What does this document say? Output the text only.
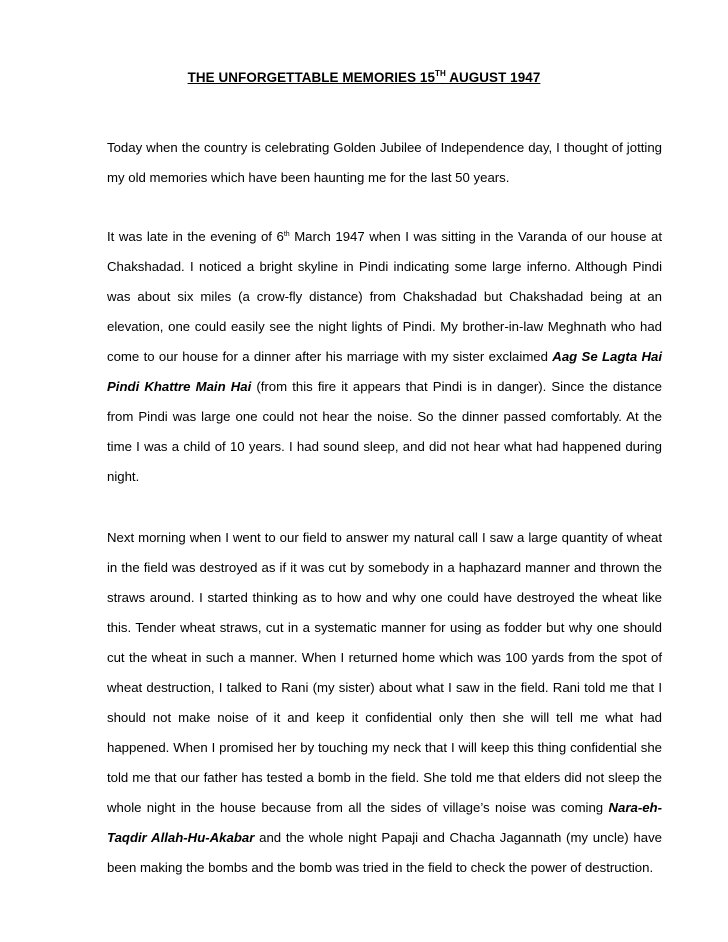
THE UNFORGETTABLE MEMORIES 15TH AUGUST 1947

Today when the country is celebrating Golden Jubilee of Independence day, I thought of jotting my old memories which have been haunting me for the last 50 years.

It was late in the evening of 6th March 1947 when I was sitting in the Varanda of our house at Chakshadad. I noticed a bright skyline in Pindi indicating some large inferno. Although Pindi was about six miles (a crow-fly distance) from Chakshadad but Chakshadad being at an elevation, one could easily see the night lights of Pindi. My brother-in-law Meghnath who had come to our house for a dinner after his marriage with my sister exclaimed Aag Se Lagta Hai Pindi Khattre Main Hai (from this fire it appears that Pindi is in danger). Since the distance from Pindi was large one could not hear the noise. So the dinner passed comfortably. At the time I was a child of 10 years. I had sound sleep, and did not hear what had happened during night.

Next morning when I went to our field to answer my natural call I saw a large quantity of wheat in the field was destroyed as if it was cut by somebody in a haphazard manner and thrown the straws around. I started thinking as to how and why one could have destroyed the wheat like this. Tender wheat straws, cut in a systematic manner for using as fodder but why one should cut the wheat in such a manner. When I returned home which was 100 yards from the spot of wheat destruction, I talked to Rani (my sister) about what I saw in the field. Rani told me that I should not make noise of it and keep it confidential only then she will tell me what had happened. When I promised her by touching my neck that I will keep this thing confidential she told me that our father has tested a bomb in the field. She told me that elders did not sleep the whole night in the house because from all the sides of village’s noise was coming Nara-eh-Taqdir Allah-Hu-Akabar and the whole night Papaji and Chacha Jagannath (my uncle) have been making the bombs and the bomb was tried in the field to check the power of destruction.
